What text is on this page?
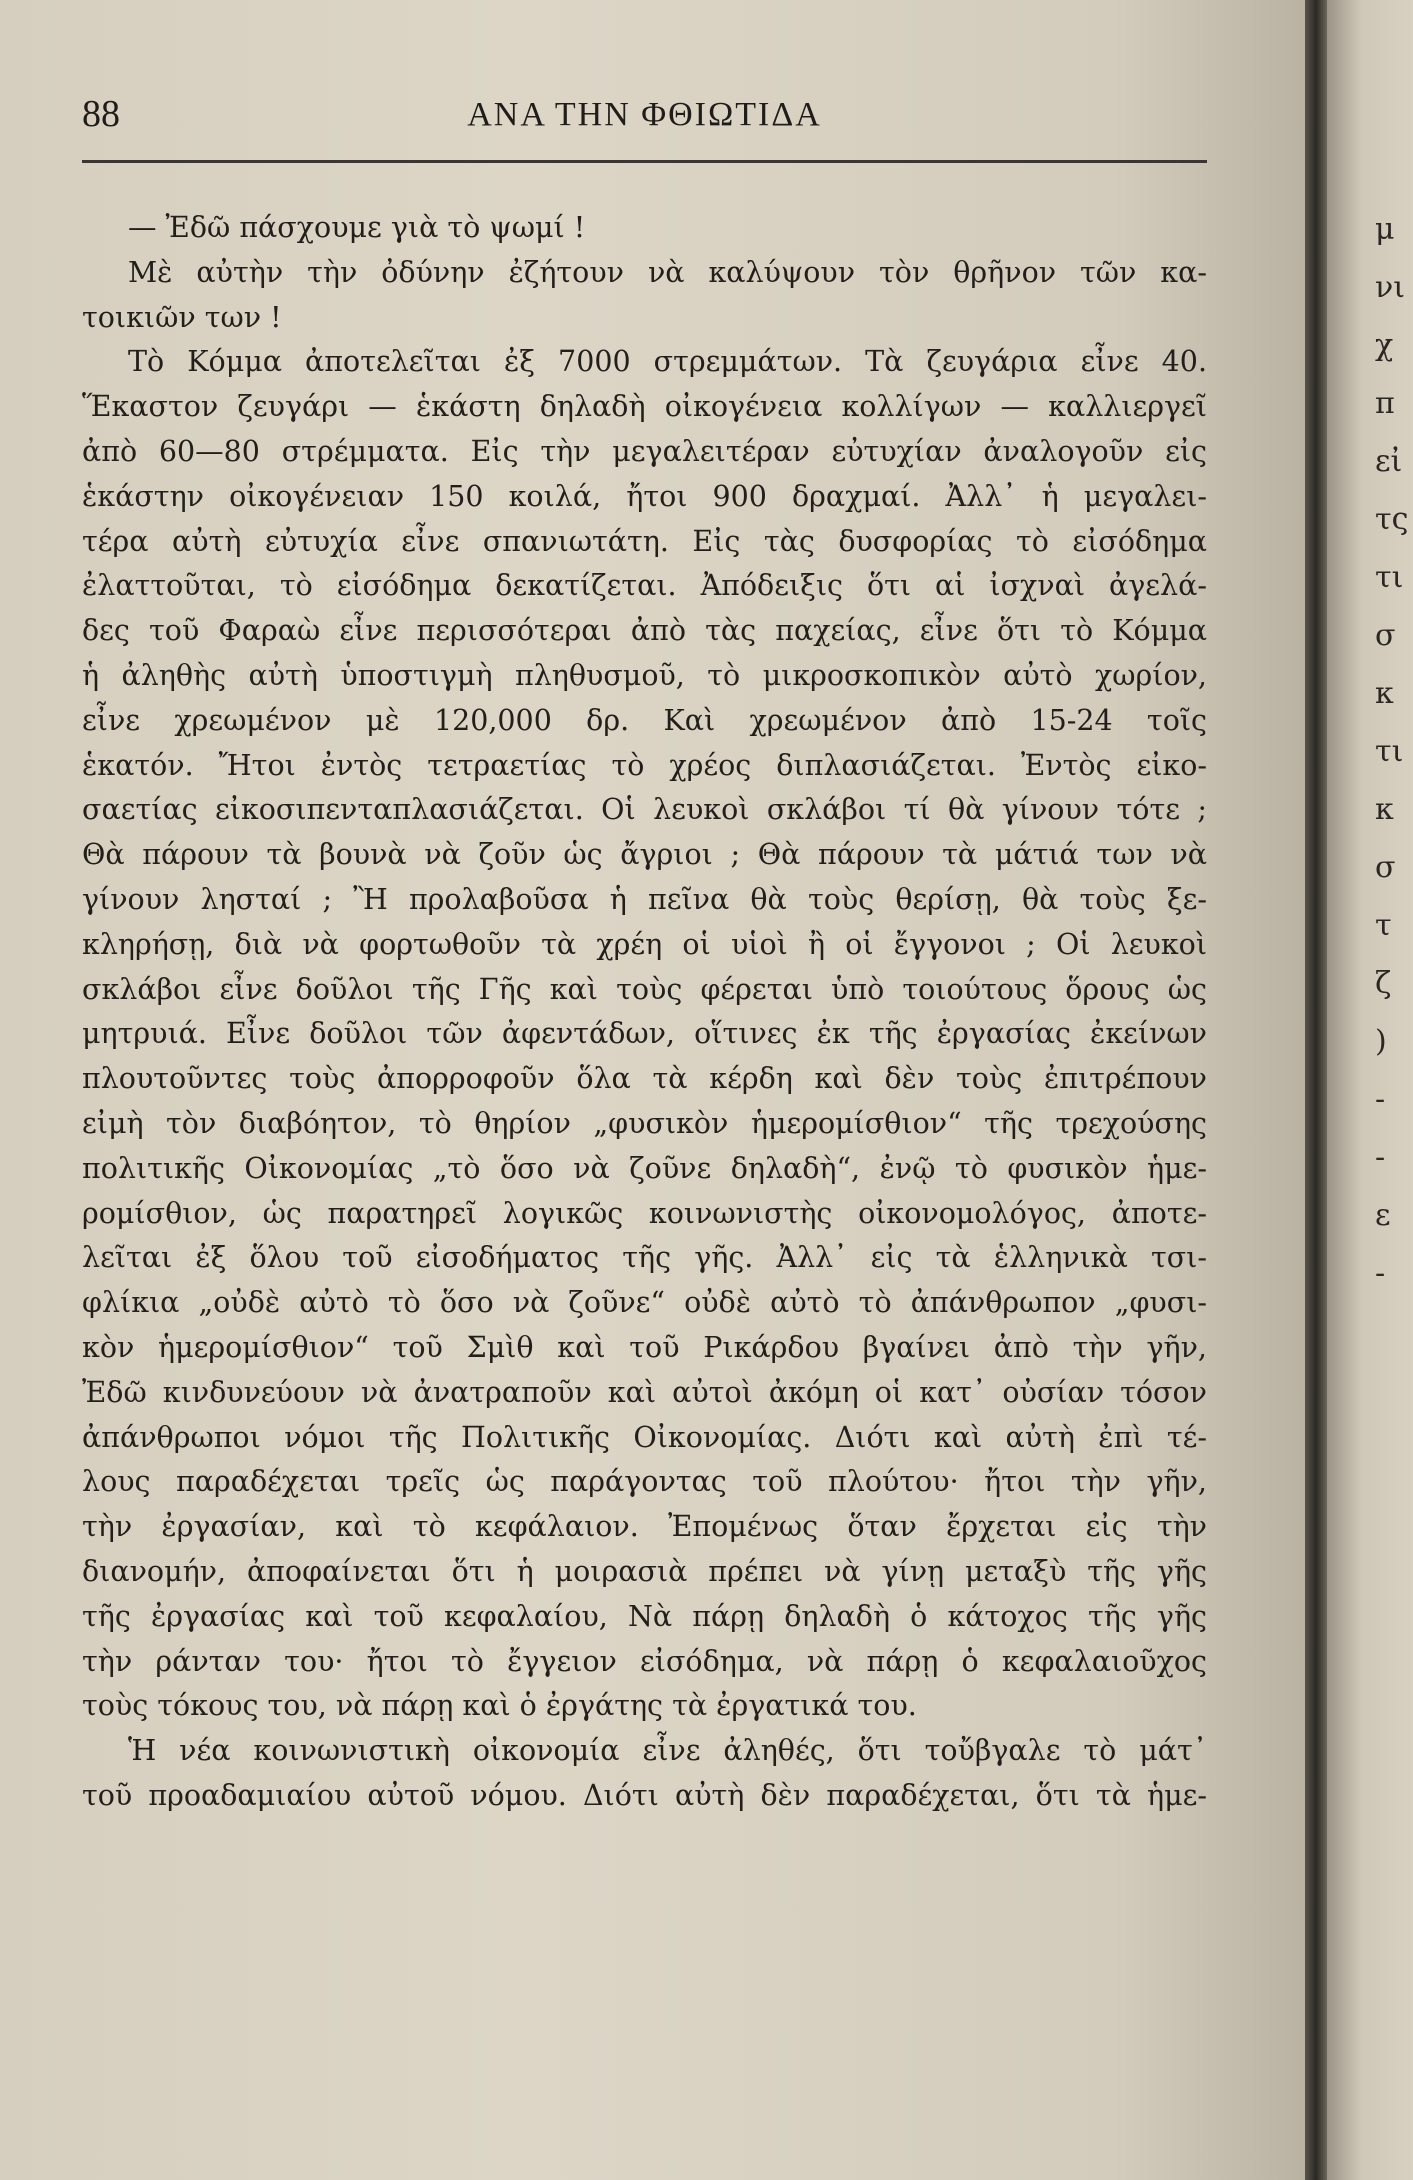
88	ΑΝΑ ΤΗΝ ΦΘΙΩΤΙΔΑ
— Ἐδῶ πάσχουμε γιὰ τὸ ψωμί !
Μὲ αὐτὴν τὴν ὀδύνην ἐζήτουν νὰ καλύψουν τὸν θρῆνον τῶν κα-
τοικιῶν των !
Τὸ Κόμμα ἀποτελεῖται ἐξ 7000 στρεμμάτων. Τὰ ζευγάρια εἶνε 40.
Ἕκαστον ζευγάρι — ἑκάστη δηλαδὴ οἰκογένεια κολλίγων — καλλιεργεῖ
ἀπὸ 60—80 στρέμματα. Εἰς τὴν μεγαλειτέραν εὐτυχίαν ἀναλογοῦν εἰς
ἑκάστην οἰκογένειαν 150 κοιλά, ἤτοι 900 δραχμαί. Ἀλλ᾽ ἡ μεγαλει-
τέρα αὐτὴ εὐτυχία εἶνε σπανιωτάτη. Εἰς τὰς δυσφορίας τὸ εἰσόδημα
ἐλαττοῦται, τὸ εἰσόδημα δεκατίζεται. Ἀπόδειξις ὅτι αἱ ἰσχναὶ ἀγελά-
δες τοῦ Φαραὼ εἶνε περισσότεραι ἀπὸ τὰς παχείας, εἶνε ὅτι τὸ Κόμμα
ἡ ἀληθὴς αὐτὴ ὑποστιγμὴ πληθυσμοῦ, τὸ μικροσκοπικὸν αὐτὸ χωρίον,
εἶνε χρεωμένον μὲ 120,000 δρ. Καὶ χρεωμένον ἀπὸ 15-24 τοῖς
ἑκατόν. Ἤτοι ἐντὸς τετραετίας τὸ χρέος διπλασιάζεται. Ἐντὸς εἰκο-
σαετίας εἰκοσιπενταπλασιάζεται. Οἱ λευκοὶ σκλάβοι τί θὰ γίνουν τότε ;
Θὰ πάρουν τὰ βουνὰ νὰ ζοῦν ὡς ἄγριοι ; Θὰ πάρουν τὰ μάτιά των νὰ
γίνουν λησταί ; Ἢ προλαβοῦσα ἡ πεῖνα θὰ τοὺς θερίσῃ, θὰ τοὺς ξε-
κληρήσῃ, διὰ νὰ φορτωθοῦν τὰ χρέη οἱ υἱοὶ ἢ οἱ ἔγγονοι ; Οἱ λευκοὶ
σκλάβοι εἶνε δοῦλοι τῆς Γῆς καὶ τοὺς φέρεται ὑπὸ τοιούτους ὅρους ὡς
μητρυιά. Εἶνε δοῦλοι τῶν ἀφεντάδων, οἵτινες ἐκ τῆς ἐργασίας ἐκείνων
πλουτοῦντες τοὺς ἀπορροφοῦν ὅλα τὰ κέρδη καὶ δὲν τοὺς ἐπιτρέπουν
εἰμὴ τὸν διαβόητον, τὸ θηρίον „φυσικὸν ἡμερομίσθιον“ τῆς τρεχούσης
πολιτικῆς Οἰκονομίας „τὸ ὅσο νὰ ζοῦνε δηλαδὴ“, ἐνῷ τὸ φυσικὸν ἡμε-
ρομίσθιον, ὡς παρατηρεῖ λογικῶς κοινωνιστὴς οἰκονομολόγος, ἀποτε-
λεῖται ἐξ ὅλου τοῦ εἰσοδήματος τῆς γῆς. Ἀλλ᾽ εἰς τὰ ἑλληνικὰ τσι-
φλίκια „οὐδὲ αὐτὸ τὸ ὅσο νὰ ζοῦνε“ οὐδὲ αὐτὸ τὸ ἀπάνθρωπον „φυσι-
κὸν ἡμερομίσθιον“ τοῦ Σμὶθ καὶ τοῦ Ρικάρδου βγαίνει ἀπὸ τὴν γῆν,
Ἐδῶ κινδυνεύουν νὰ ἀνατραποῦν καὶ αὐτοὶ ἀκόμη οἱ κατ᾽ οὐσίαν τόσον
ἀπάνθρωποι νόμοι τῆς Πολιτικῆς Οἰκονομίας. Διότι καὶ αὐτὴ ἐπὶ τέ-
λους παραδέχεται τρεῖς ὡς παράγοντας τοῦ πλούτου· ἤτοι τὴν γῆν,
τὴν ἐργασίαν, καὶ τὸ κεφάλαιον. Ἐπομένως ὅταν ἔρχεται εἰς τὴν
διανομήν, ἀποφαίνεται ὅτι ἡ μοιρασιὰ πρέπει νὰ γίνῃ μεταξὺ τῆς γῆς
τῆς ἐργασίας καὶ τοῦ κεφαλαίου, Νὰ πάρῃ δηλαδὴ ὁ κάτοχος τῆς γῆς
τὴν ράνταν του· ἤτοι τὸ ἔγγειον εἰσόδημα, νὰ πάρῃ ὁ κεφαλαιοῦχος
τοὺς τόκους του, νὰ πάρῃ καὶ ὁ ἐργάτης τὰ ἐργατικά του.
Ἡ νέα κοινωνιστικὴ οἰκονομία εἶνε ἀληθές, ὅτι τοὔβγαλε τὸ μάτ᾽
τοῦ προαδαμιαίου αὐτοῦ νόμου. Διότι αὐτὴ δὲν παραδέχεται, ὅτι τὰ ἡμε-
μ
νι
χ
π
εἰ
τς
τι
σ
κ
τι
κ
σ
τ
ζ
)
-
-
ε
-
